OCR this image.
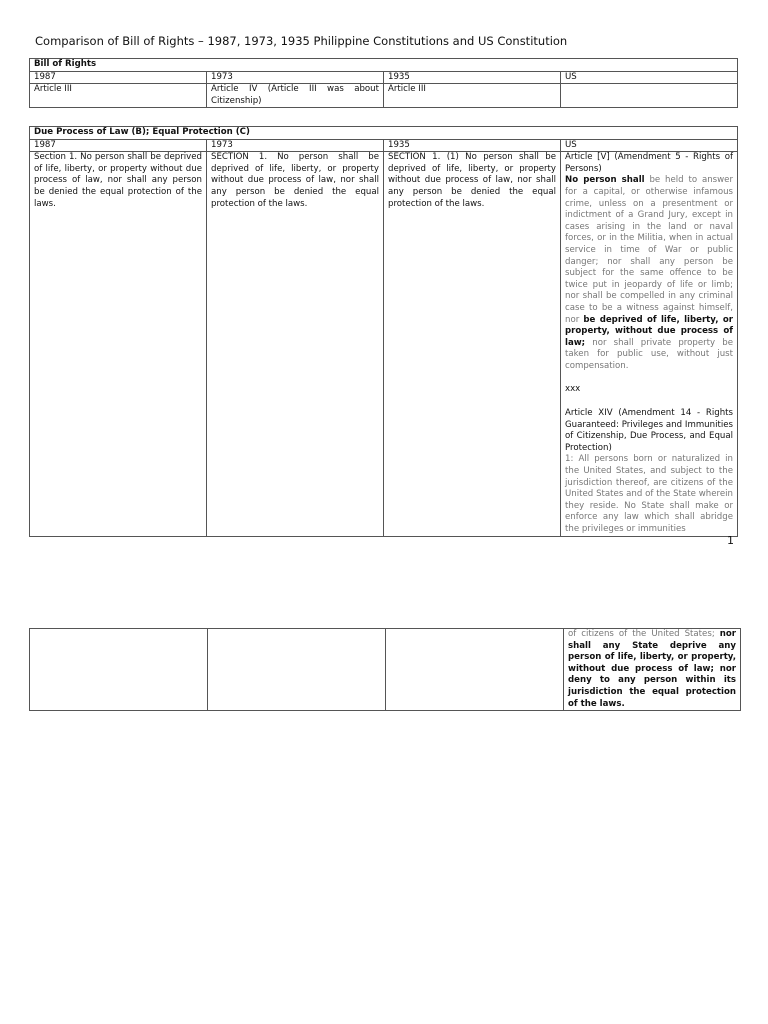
Comparison of Bill of Rights – 1987, 1973, 1935 Philippine Constitutions and US Constitution
Bill of Rights			
1987	1973	1935	US
Article III	Article IV (Article III was about Citizenship)	Article III	
Due Process of Law (B); Equal Protection (C)			
1987	1973	1935	US
Section 1. No person shall be deprived of life, liberty, or property without due process of law, nor shall any person be denied the equal protection of the laws.	SECTION 1. No person shall be deprived of life, liberty, or property without due process of law, nor shall any person be denied the equal protection of the laws.	SECTION 1. (1) No person shall be deprived of life, liberty, or property without due process of law, nor shall any person be denied the equal protection of the laws.	Article [V] (Amendment 5 - Rights of Persons)
No person shall be held to answer for a capital, or otherwise infamous crime, unless on a presentment or indictment of a Grand Jury, except in cases arising in the land or naval forces, or in the Militia, when in actual service in time of War or public danger; nor shall any person be subject for the same offence to be twice put in jeopardy of life or limb; nor shall be compelled in any criminal case to be a witness against himself, nor be deprived of life, liberty, or property, without due process of law; nor shall private property be taken for public use, without just compensation.
xxx
Article XIV (Amendment 14 - Rights Guaranteed: Privileges and Immunities of Citizenship, Due Process, and Equal Protection)
1: All persons born or naturalized in the United States, and subject to the jurisdiction thereof, are citizens of the United States and of the State wherein they reside. No State shall make or enforce any law which shall abridge the privileges or immunities
1
			of citizens of the United States; nor shall any State deprive any person of life, liberty, or property, without due process of law; nor deny to any person within its jurisdiction the equal protection of the laws.
